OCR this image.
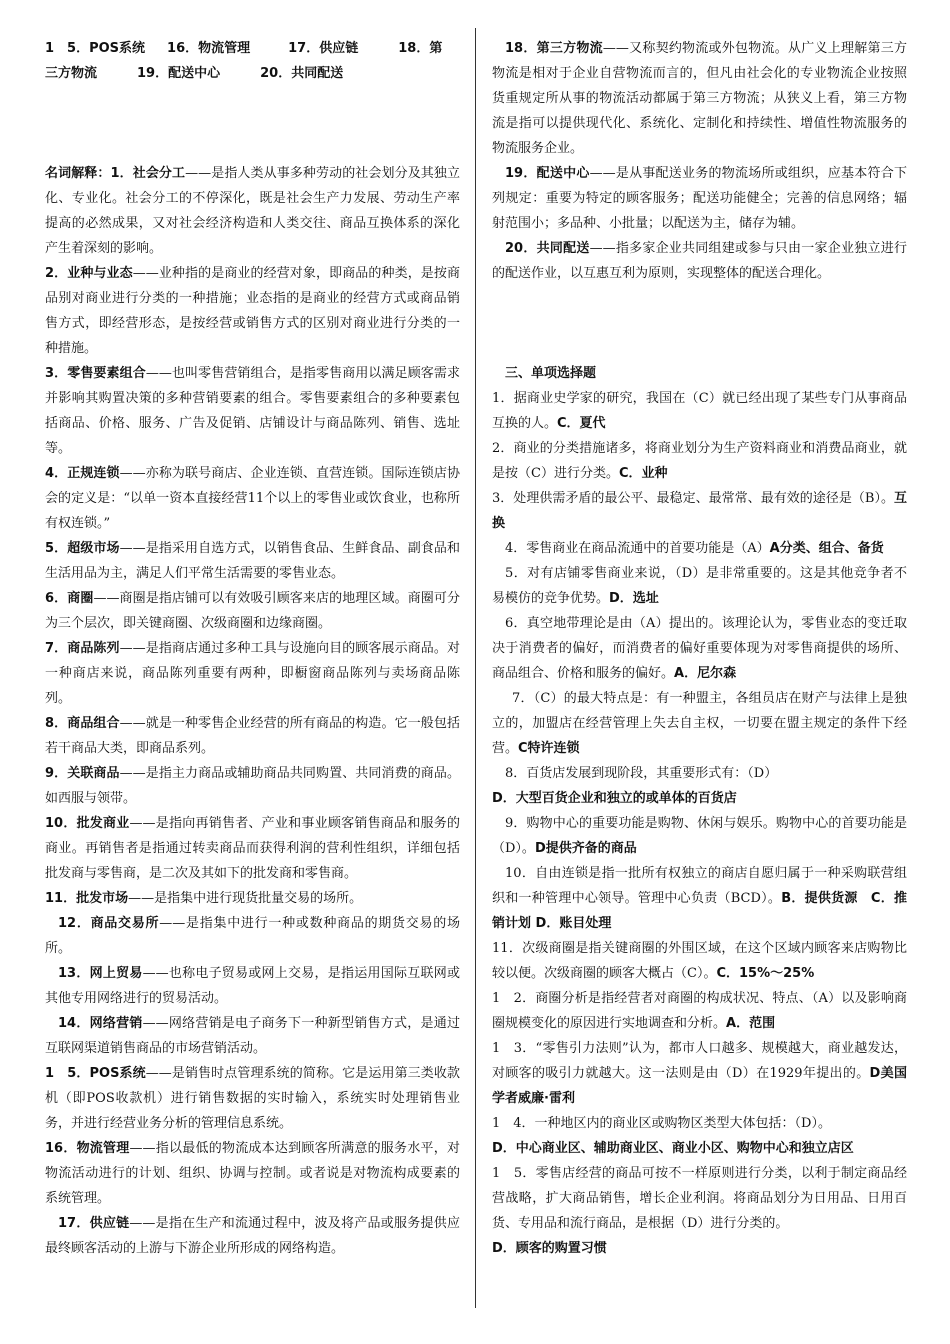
1　5．POS系统 16．物流管理	17．供应链	18．第

三方物流	19．配送中心	20．共同配送

名词解释：1．社会分工——是指人类从事多种劳动的社会划分及其独立化、专业化。社会分工的不停深化，既是社会生产力发展、劳动生产率提高的必然成果，又对社会经济构造和人类交往、商品互换体系的深化产生着深刻的影响。

2．业种与业态——业种指的是商业的经营对象，即商品的种类，是按商品别对商业进行分类的一种措施；业态指的是商业的经营方式或商品销售方式，即经营形态，是按经营或销售方式的区别对商业进行分类的一种措施。

3．零售要素组合——也叫零售营销组合，是指零售商用以满足顾客需求并影响其购置决策的多种营销要素的组合。零售要素组合的多种要素包括商品、价格、服务、广告及促销、店铺设计与商品陈列、销售、选址等。

4．正规连锁——亦称为联号商店、企业连锁、直营连锁。国际连锁店协会的定义是：“以单一资本直接经营11个以上的零售业或饮食业，也称所有权连锁。”

5．超级市场——是指采用自选方式，以销售食品、生鲜食品、副食品和生活用品为主，满足人们平常生活需要的零售业态。

6．商圈——商圈是指店铺可以有效吸引顾客来店的地理区域。商圈可分为三个层次，即关键商圈、次级商圈和边缘商圈。

7．商品陈列——是指商店通过多种工具与设施向目的顾客展示商品。对一种商店来说，商品陈列重要有两种，即橱窗商品陈列与卖场商品陈列。

8．商品组合——就是一种零售企业经营的所有商品的构造。它一般包括若干商品大类，即商品系列。

9．关联商品——是指主力商品或辅助商品共同购置、共同消费的商品。如西服与领带。

10．批发商业——是指向再销售者、产业和事业顾客销售商品和服务的商业。再销售者是指通过转卖商品而获得利润的营利性组织，详细包括批发商与零售商，是二次及其如下的批发商和零售商。

11．批发市场——是指集中进行现货批量交易的场所。

12．商品交易所——是指集中进行一种或数种商品的期货交易的场所。

13．网上贸易——也称电子贸易或网上交易，是指运用国际互联网或其他专用网络进行的贸易活动。

14．网络营销——网络营销是电子商务下一种新型销售方式，是通过互联网渠道销售商品的市场营销活动。

1　5．POS系统——是销售时点管理系统的简称。它是运用第三类收款机（即POS收款机）进行销售数据的实时输入，系统实时处理销售业务，并进行经营业务分析的管理信息系统。

16．物流管理——指以最低的物流成本达到顾客所满意的服务水平，对物流活动进行的计划、组织、协调与控制。或者说是对物流构成要素的系统管理。

17．供应链——是指在生产和流通过程中，波及将产品或服务提供应最终顾客活动的上游与下游企业所形成的网络构造。

18．第三方物流——又称契约物流或外包物流。从广义上理解第三方物流是相对于企业自营物流而言的，但凡由社会化的专业物流企业按照货重规定所从事的物流活动都属于第三方物流；从狭义上看，第三方物流是指可以提供现代化、系统化、定制化和持续性、增值性物流服务的物流服务企业。

19．配送中心——是从事配送业务的物流场所或组织，应基本符合下列规定：重要为特定的顾客服务；配送功能健全；完善的信息网络；辐射范围小；多品种、小批量；以配送为主，储存为辅。

20．共同配送——指多家企业共同组建或参与只由一家企业独立进行的配送作业，以互惠互利为原则，实现整体的配送合理化。

三、单项选择题

1．据商业史学家的研究，我国在（C）就已经出现了某些专门从事商品互换的人。C．夏代

2．商业的分类措施诸多，将商业划分为生产资料商业和消费品商业，就是按（C）进行分类。C．业种

3．处理供需矛盾的最公平、最稳定、最常常、最有效的途径是（B）。互换

4．零售商业在商品流通中的首要功能是（A）A分类、组合、备货

5．对有店铺零售商业来说，（D）是非常重要的。这是其他竞争者不易模仿的竞争优势。D．选址

6．真空地带理论是由（A）提出的。该理论认为，零售业态的变迁取决于消费者的偏好，而消费者的偏好重要体现为对零售商提供的场所、商品组合、价格和服务的偏好。A．尼尔森

7．（C）的最大特点是：有一种盟主，各组员店在财产与法律上是独立的，加盟店在经营管理上失去自主权，一切要在盟主规定的条件下经营。C特许连锁

8．百货店发展到现阶段，其重要形式有：（D）

D．大型百货企业和独立的或单体的百货店

9．购物中心的重要功能是购物、休闲与娱乐。购物中心的首要功能是（D）。D提供齐备的商品

10．自由连锁是指一批所有权独立的商店自愿归属于一种采购联营组织和一种管理中心领导。管理中心负责（BCD）。B．提供货源　C．推销计划 D．账目处理

11．次级商圈是指关键商圈的外围区域，在这个区域内顾客来店购物比较以便。次级商圈的顾客大概占（C）。C．15%～25%

1　2．商圈分析是指经营者对商圈的构成状况、特点、（A）以及影响商圈规模变化的原因进行实地调查和分析。A．范围

1　3．“零售引力法则”认为，都市人口越多、规模越大，商业越发达，对顾客的吸引力就越大。这一法则是由（D）在1929年提出的。D美国学者威廉·雷利

1　4．一种地区内的商业区或购物区类型大体包括：（D）。

D．中心商业区、辅助商业区、商业小区、购物中心和独立店区

1　5．零售店经营的商品可按不一样原则进行分类，以利于制定商品经营战略，扩大商品销售，增长企业利润。将商品划分为日用品、日用百货、专用品和流行商品，是根据（D）进行分类的。

D．顾客的购置习惯
